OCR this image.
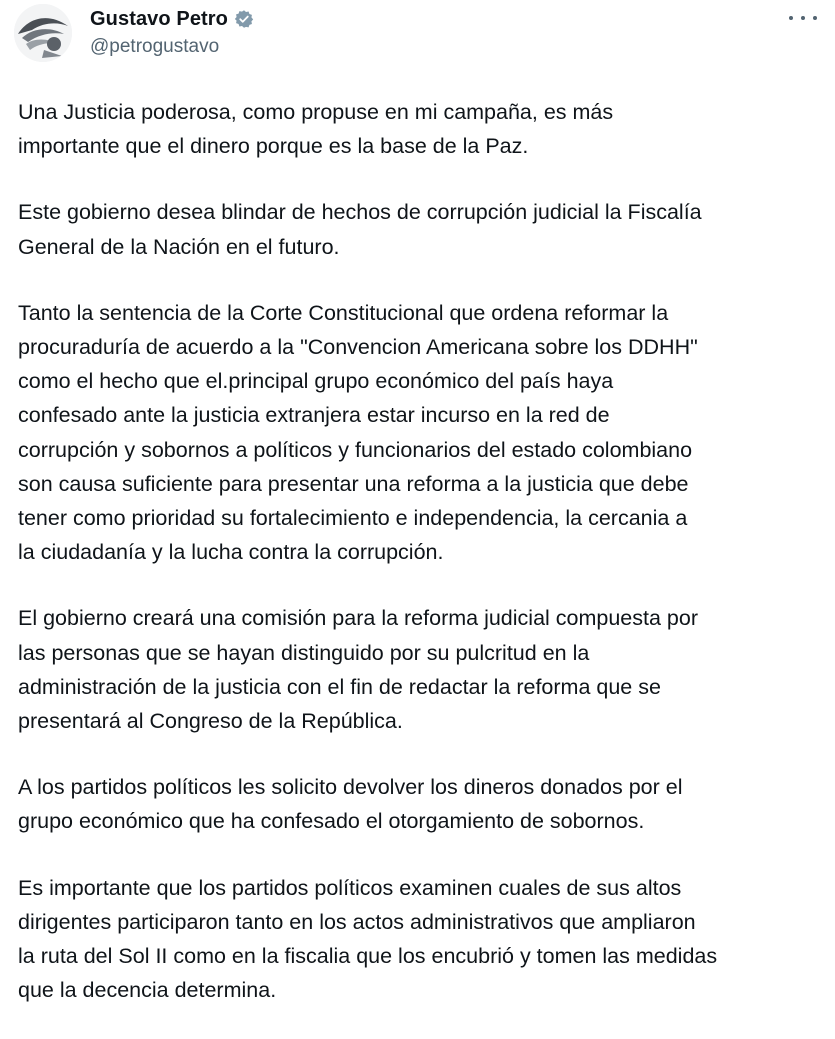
Gustavo Petro
@petrogustavo

Una Justicia poderosa, como propuse en mi campaña, es más
importante que el dinero porque es la base de la Paz.

Este gobierno desea blindar de hechos de corrupción judicial la Fiscalía
General de la Nación en el futuro.

Tanto la sentencia de la Corte Constitucional que ordena reformar la
procuraduría de acuerdo a la "Convencion Americana sobre los DDHH"
como el hecho que el.principal grupo económico del país haya
confesado ante la justicia extranjera estar incurso en la red de
corrupción y sobornos a políticos y funcionarios del estado colombiano
son causa suficiente para presentar una reforma a la justicia que debe
tener como prioridad su fortalecimiento e independencia, la cercania a
la ciudadanía y la lucha contra la corrupción.

El gobierno creará una comisión para la reforma judicial compuesta por
las personas que se hayan distinguido por su pulcritud en la
administración de la justicia con el fin de redactar la reforma que se
presentará al Congreso de la República.

A los partidos políticos les solicito devolver los dineros donados por el
grupo económico que ha confesado el otorgamiento de sobornos.

Es importante que los partidos políticos examinen cuales de sus altos
dirigentes participaron tanto en los actos administrativos que ampliaron
la ruta del Sol II como en la fiscalia que los encubrió y tomen las medidas
que la decencia determina.
